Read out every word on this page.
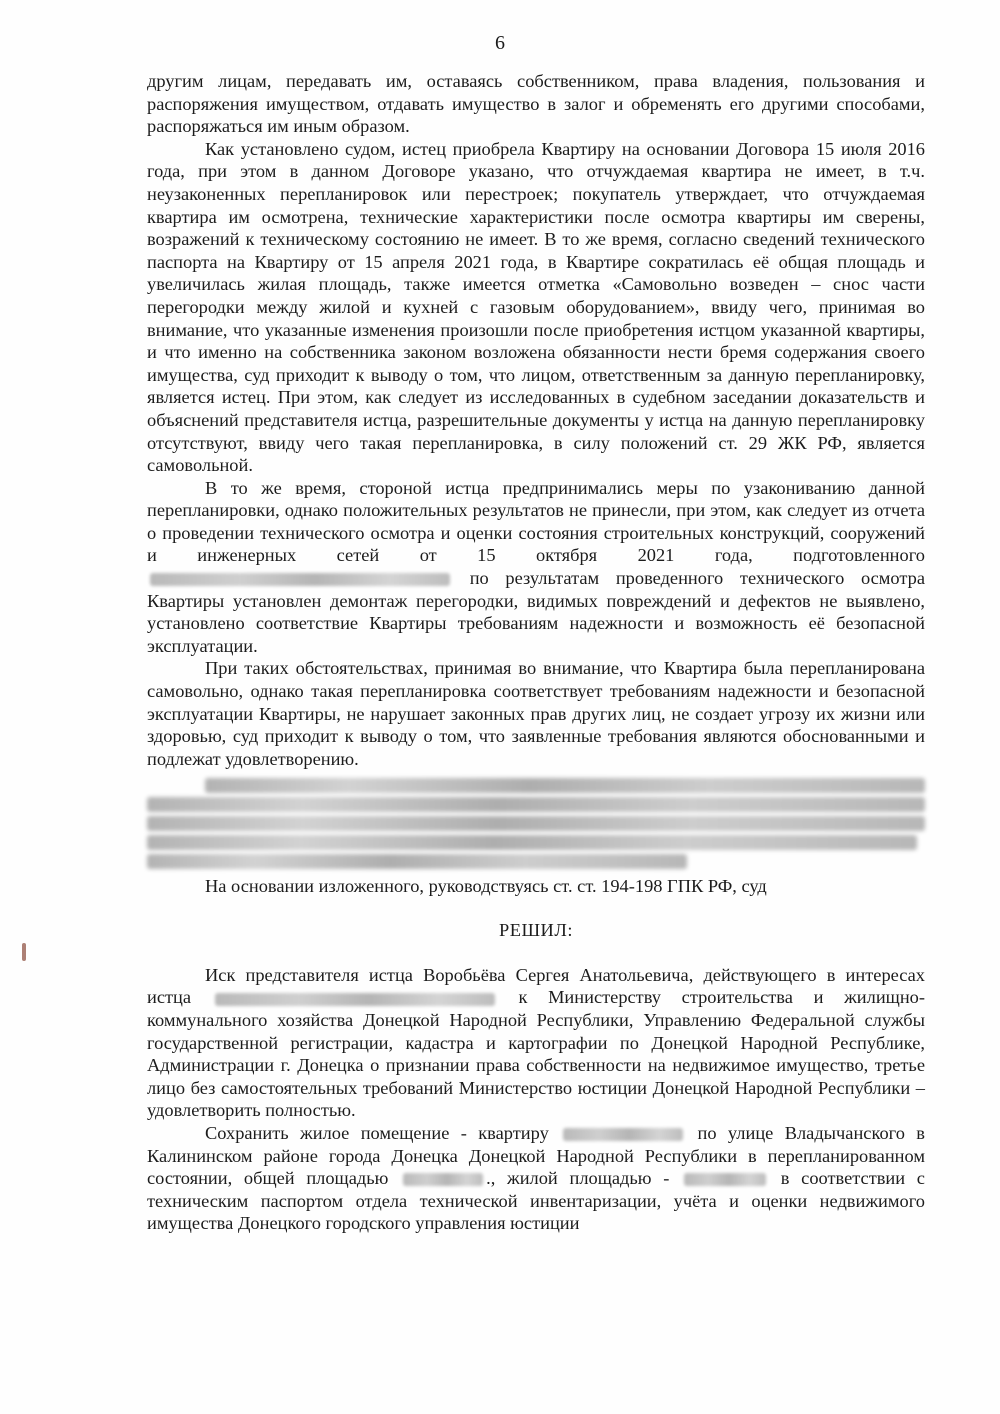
6

другим лицам, передавать им, оставаясь собственником, права владения, пользования и распоряжения имуществом, отдавать имущество в залог и обременять его другими способами, распоряжаться им иным образом.

Как установлено судом, истец приобрела Квартиру на основании Договора 15 июля 2016 года, при этом в данном Договоре указано, что отчуждаемая квартира не имеет, в т.ч. неузаконенных перепланировок или перестроек; покупатель утверждает, что отчуждаемая квартира им осмотрена, технические характеристики после осмотра квартиры им сверены, возражений к техническому состоянию не имеет. В то же время, согласно сведений технического паспорта на Квартиру от 15 апреля 2021 года, в Квартире сократилась её общая площадь и увеличилась жилая площадь, также имеется отметка «Самовольно возведен – снос части перегородки между жилой и кухней с газовым оборудованием», ввиду чего, принимая во внимание, что указанные изменения произошли после приобретения истцом указанной квартиры, и что именно на собственника законом возложена обязанности нести бремя содержания своего имущества, суд приходит к выводу о том, что лицом, ответственным за данную перепланировку, является истец. При этом, как следует из исследованных в судебном заседании доказательств и объяснений представителя истца, разрешительные документы у истца на данную перепланировку отсутствуют, ввиду чего такая перепланировка, в силу положений ст. 29 ЖК РФ, является самовольной.

В то же время, стороной истца предпринимались меры по узакониванию данной перепланировки, однако положительных результатов не принесли, при этом, как следует из отчета о проведении технического осмотра и оценки состояния строительных конструкций, сооружений и инженерных сетей от 15 октября 2021 года, подготовленного  по результатам проведенного технического осмотра Квартиры установлен демонтаж перегородки, видимых повреждений и дефектов не выявлено, установлено соответствие Квартиры требованиям надежности и возможность её безопасной эксплуатации.

При таких обстоятельствах, принимая во внимание, что Квартира была перепланирована самовольно, однако такая перепланировка соответствует требованиям надежности и безопасной эксплуатации Квартиры, не нарушает законных прав других лиц, не создает угрозу их жизни или здоровью, суд приходит к выводу о том, что заявленные требования являются обоснованными и подлежат удовлетворению.

На основании изложенного, руководствуясь ст. ст. 194-198 ГПК РФ, суд

РЕШИЛ:

Иск представителя истца Воробьёва Сергея Анатольевича, действующего в интересах истца	к Министерству строительства и жилищно-коммунального хозяйства Донецкой Народной Республики, Управлению Федеральной службы государственной регистрации, кадастра и картографии по Донецкой Народной Республике, Администрации г. Донецка о признании права собственности на недвижимое имущество, третье лицо без самостоятельных требований Министерство юстиции Донецкой Народной Республики – удовлетворить полностью.

Сохранить жилое помещение - квартиру	по улице Владычанского в Калининском районе города Донецка Донецкой Народной Республики в перепланированном состоянии, общей площадью	., жилой площадью -	в соответствии с техническим паспортом отдела технической инвентаризации, учёта и оценки недвижимого имущества Донецкого городского управления юстиции
